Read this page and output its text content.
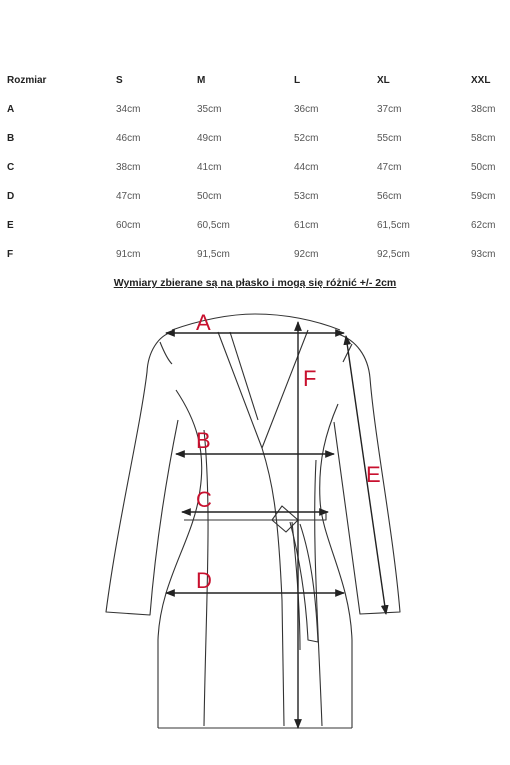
Rozmiar	S	M	L	XL	XXL
A	34cm	35cm	36cm	37cm	38cm
B	46cm	49cm	52cm	55cm	58cm
C	38cm	41cm	44cm	47cm	50cm
D	47cm	50cm	53cm	56cm	59cm
E	60cm	60,5cm	61cm	61,5cm	62cm
F	91cm	91,5cm	92cm	92,5cm	93cm
Wymiary zbierane są na płasko i mogą się różnić +/- 2cm
A
B
C
D
E
F
